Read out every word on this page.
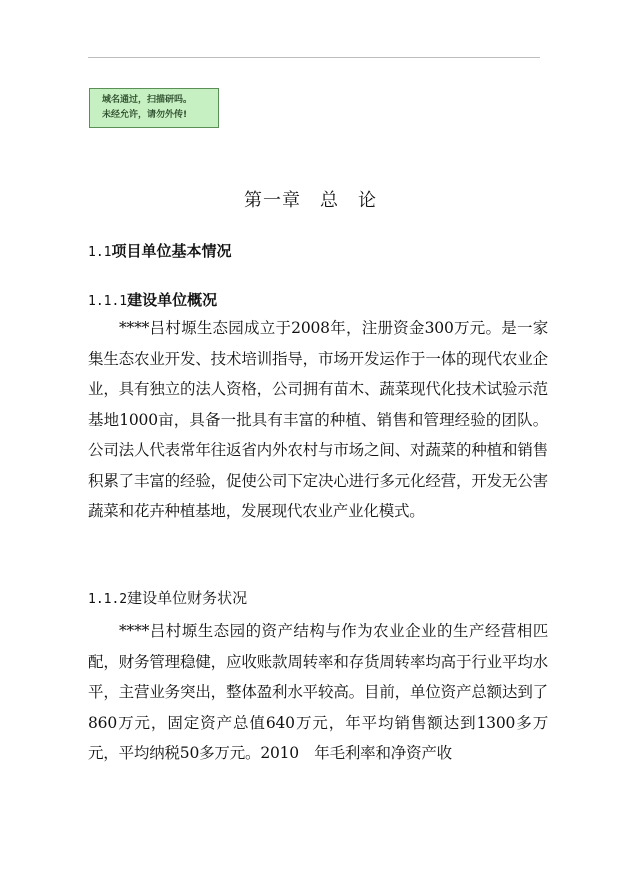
域名通过，扫描研吗。
未经允许，请勿外传!
第一章　总　论
1.1项目单位基本情况
1.1.1建设单位概况

****吕村塬生态园成立于2008年，注册资金300万元。是一家集生态农业开发、技术培训指导，市场开发运作于一体的现代农业企业，具有独立的法人资格，公司拥有苗木、蔬菜现代化技术试验示范基地1000亩，具备一批具有丰富的种植、销售和管理经验的团队。公司法人代表常年往返省内外农村与市场之间、对蔬菜的种植和销售积累了丰富的经验，促使公司下定决心进行多元化经营，开发无公害蔬菜和花卉种植基地，发展现代农业产业化模式。

1.1.2建设单位财务状况

****吕村塬生态园的资产结构与作为农业企业的生产经营相匹配，财务管理稳健，应收账款周转率和存货周转率均高于行业平均水平，主营业务突出，整体盈利水平较高。目前，单位资产总额达到了 860万元，固定资产总值640万元，年平均销售额达到1300多万元，平均纳税50多万元。2010　年毛利率和净资产收
